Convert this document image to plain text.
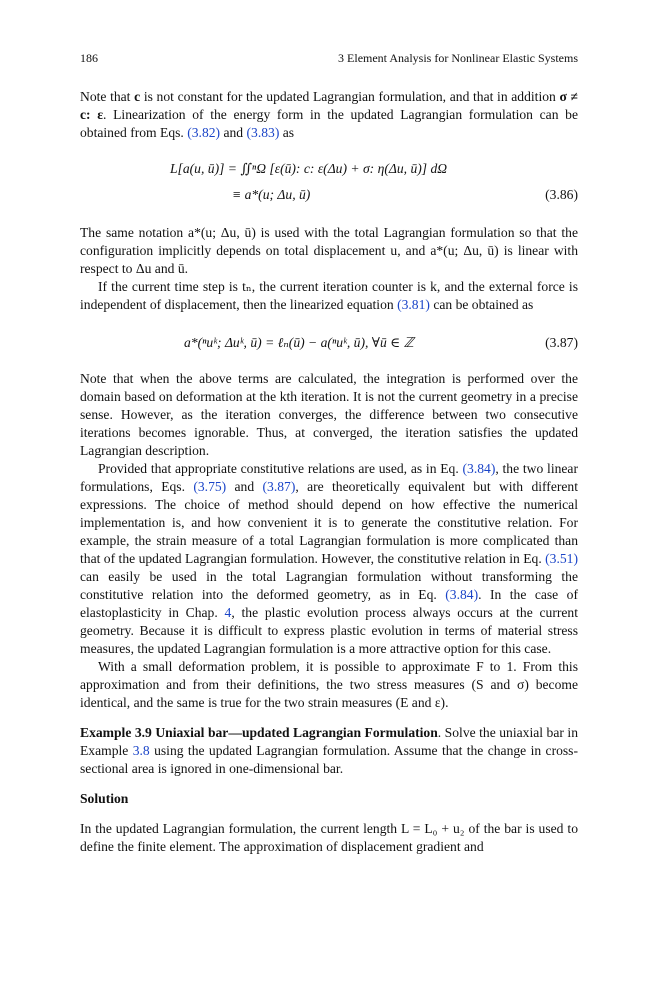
186	3 Element Analysis for Nonlinear Elastic Systems

Note that c is not constant for the updated Lagrangian formulation, and that in addition σ ≠ c: ε. Linearization of the energy form in the updated Lagrangian formulation can be obtained from Eqs. (3.82) and (3.83) as

L[a(u, ū)] = ∬ⁿΩ [ε(ū): c: ε(Δu) + σ: η(Δu, ū)] dΩ
≡ a*(u; Δu, ū)	(3.86)

The same notation a*(u; Δu, ū) is used with the total Lagrangian formulation so that the configuration implicitly depends on total displacement u, and a*(u; Δu, ū) is linear with respect to Δu and ū.

If the current time step is tₙ, the current iteration counter is k, and the external force is independent of displacement, then the linearized equation (3.81) can be obtained as

a*(ⁿuᵏ; Δuᵏ, ū) = ℓₙ(ū) − a(ⁿuᵏ, ū), ∀ū ∈ ℤ	(3.87)

Note that when the above terms are calculated, the integration is performed over the domain based on deformation at the kth iteration. It is not the current geometry in a precise sense. However, as the iteration converges, the difference between two consecutive iterations becomes ignorable. Thus, at converged, the iteration satisfies the updated Lagrangian description.

Provided that appropriate constitutive relations are used, as in Eq. (3.84), the two linear formulations, Eqs. (3.75) and (3.87), are theoretically equivalent but with different expressions. The choice of method should depend on how effective the numerical implementation is, and how convenient it is to generate the constitutive relation. For example, the strain measure of a total Lagrangian formulation is more complicated than that of the updated Lagrangian formulation. However, the constitutive relation in Eq. (3.51) can easily be used in the total Lagrangian formulation without transforming the constitutive relation into the deformed geometry, as in Eq. (3.84). In the case of elastoplasticity in Chap. 4, the plastic evolution process always occurs at the current geometry. Because it is difficult to express plastic evolution in terms of material stress measures, the updated Lagrangian formulation is a more attractive option for this case.

With a small deformation problem, it is possible to approximate F to 1. From this approximation and from their definitions, the two stress measures (S and σ) become identical, and the same is true for the two strain measures (E and ε).

Example 3.9 Uniaxial bar—updated Lagrangian Formulation. Solve the uniaxial bar in Example 3.8 using the updated Lagrangian formulation. Assume that the change in cross-sectional area is ignored in one-dimensional bar.

Solution

In the updated Lagrangian formulation, the current length L = L₀ + u₂ of the bar is used to define the finite element. The approximation of displacement gradient and
